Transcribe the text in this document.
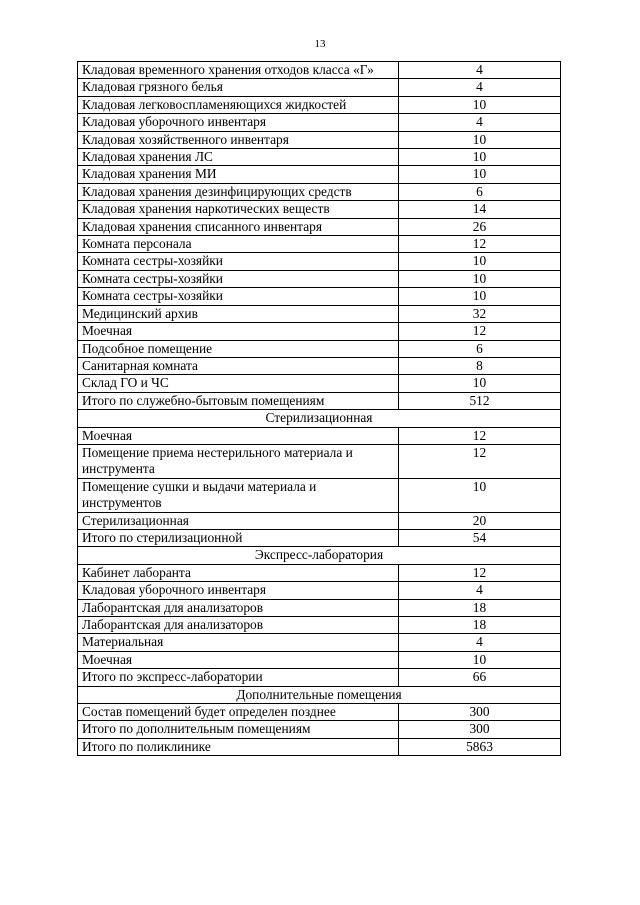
13
Кладовая временного хранения отходов класса «Г»	4
Кладовая грязного белья	4
Кладовая легковоспламеняющихся жидкостей	10
Кладовая уборочного инвентаря	4
Кладовая хозяйственного инвентаря	10
Кладовая хранения ЛС	10
Кладовая хранения МИ	10
Кладовая хранения дезинфицирующих средств	6
Кладовая хранения наркотических веществ	14
Кладовая хранения списанного инвентаря	26
Комната персонала	12
Комната сестры-хозяйки	10
Комната сестры-хозяйки	10
Комната сестры-хозяйки	10
Медицинский архив	32
Моечная	12
Подсобное помещение	6
Санитарная комната	8
Склад ГО и ЧС	10
Итого по служебно-бытовым помещениям	512
Стерилизационная	
Моечная	12
Помещение приема нестерильного материала и инструмента	12
Помещение сушки и выдачи материала и инструментов	10
Стерилизационная	20
Итого по стерилизационной	54
Экспресс-лаборатория	
Кабинет лаборанта	12
Кладовая уборочного инвентаря	4
Лаборантская для анализаторов	18
Лаборантская для анализаторов	18
Материальная	4
Моечная	10
Итого по экспресс-лаборатории	66
Дополнительные помещения	
Состав помещений будет определен позднее	300
Итого по дополнительным помещениям	300
Итого по поликлинике	5863
